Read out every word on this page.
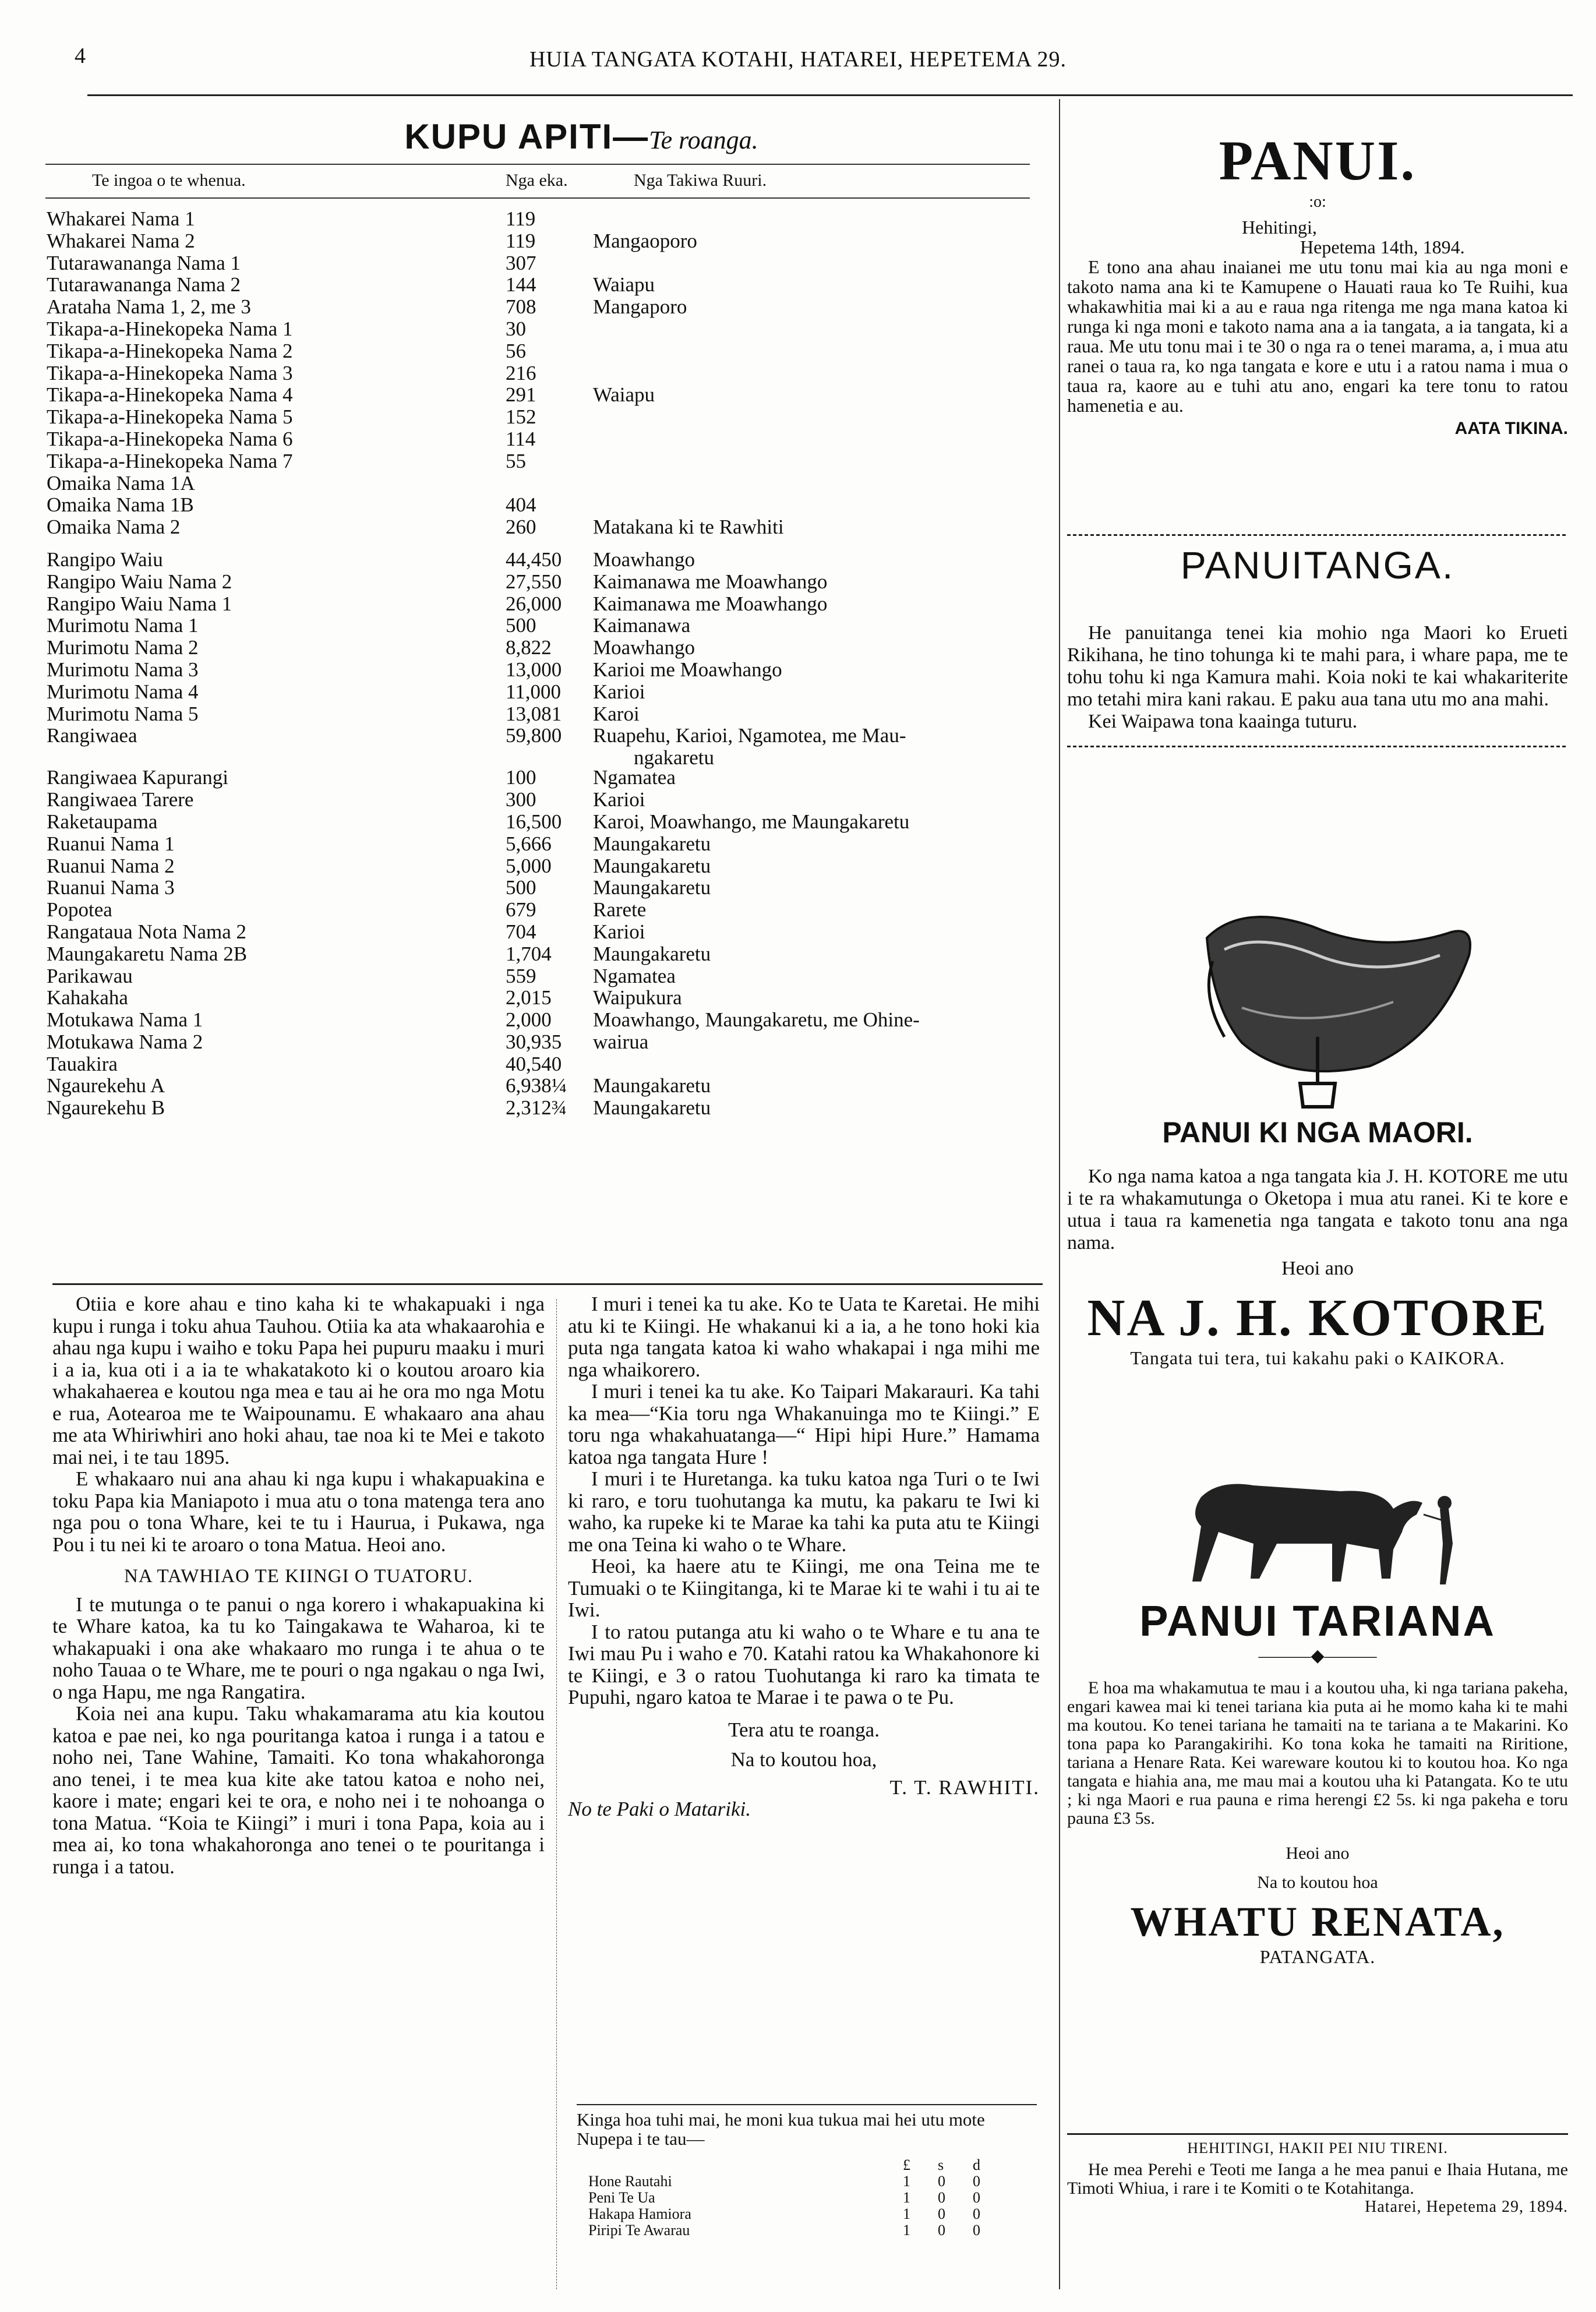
4	HUIA TANGATA KOTAHI, HATAREI, HEPETEMA 29.
KUPU APITI—Te roanga.
Te ingoa o te whenua.	Nga eka.	Nga Takiwa Ruuri.
Whakarei Nama 1	119
Whakarei Nama 2	119	Mangaoporo
Tutarawananga Nama 1	307
Tutarawananga Nama 2	144	Waiapu
Arataha Nama 1, 2, me 3	708	Mangaporo
Tikapa-a-Hinekopeka Nama 1	30
Tikapa-a-Hinekopeka Nama 2	56
Tikapa-a-Hinekopeka Nama 3	216
Tikapa-a-Hinekopeka Nama 4	291	Waiapu
Tikapa-a-Hinekopeka Nama 5	152
Tikapa-a-Hinekopeka Nama 6	114
Tikapa-a-Hinekopeka Nama 7	55
Omaika Nama 1A
Omaika Nama 1B	404
Omaika Nama 2	260	Matakana ki te Rawhiti
Rangipo Waiu	44,450 Moawhango
Rangipo Waiu Nama 2	27,550 Kaimanawa me Moawhango
Rangipo Waiu Nama 1	26,000 Kaimanawa me Moawhango
Murimotu Nama 1	500	Kaimanawa
Murimotu Nama 2	8,822 Moawhango
Murimotu Nama 3	13,000 Karioi me Moawhango
Murimotu Nama 4	11,000 Karioi
Murimotu Nama 5	13,081 Karoi
Rangiwaea	59,800 Ruapehu, Karioi, Ngamotea, me Mau-
ngakaretu
Rangiwaea Kapurangi	100	Ngamatea
Rangiwaea Tarere	300	Karioi
Raketaupama	16,500 Karoi, Moawhango, me Maungakaretu
Ruanui Nama 1	5,666 Maungakaretu
Ruanui Nama 2	5,000 Maungakaretu
Ruanui Nama 3	500	Maungakaretu
Popotea	679	Rarete
Rangataua Nota Nama 2	704	Karioi
Maungakaretu Nama 2B	1,704 Maungakaretu
Parikawau	559	Ngamatea
Kahakaha	2,015 Waipukura
Motukawa Nama 1	2,000 Moawhango, Maungakaretu, me Ohine-
Motukawa Nama 2	30,935 wairua
Tauakira	40,540
Ngaurekehu A	6,938¼ Maungakaretu
Ngaurekehu B	2,312¾ Maungakaretu

Otiia e kore ahau e tino kaha ki te whakapuaki i nga kupu i runga i toku ahua Tauhou. Otiia ka ata whakaarohia e ahau nga kupu i waiho e toku Papa hei pupuru maaku i muri i a ia, kua oti i a ia te whakatakoto ki o koutou aroaro kia whakahaerea e koutou nga mea e tau ai he ora mo nga Motu e rua, Aotearoa me te Waipounamu. E whakaaro ana ahau me ata Whiriwhiri ano hoki ahau, tae noa ki te Mei e takoto mai nei, i te tau 1895.

E whakaaro nui ana ahau ki nga kupu i whakapuakina e toku Papa kia Maniapoto i mua atu o tona matenga tera ano nga pou o tona Whare, kei te tu i Haurua, i Pukawa, nga Pou i tu nei ki te aroaro o tona Matua. Heoi ano.

NA TAWHIAO TE KIINGI O TUATORU.

I te mutunga o te panui o nga korero i whakapuakina ki te Whare katoa, ka tu ko Taingakawa te Waharoa, ki te whakapuaki i ona ake whakaaro mo runga i te ahua o te noho Tauaa o te Whare, me te pouri o nga ngakau o nga Iwi, o nga Hapu, me nga Rangatira.

Koia nei ana kupu. Taku whakamarama atu kia koutou katoa e pae nei, ko nga pouritanga katoa i runga i a tatou e noho nei, Tane Wahine, Tamaiti. Ko tona whakahoronga ano tenei, i te mea kua kite ake tatou katoa e noho nei, kaore i mate; engari kei te ora, e noho nei i te nohoanga o tona Matua. “Koia te Kiingi” i muri i tona Papa, koia au i mea ai, ko tona whakahoronga ano tenei o te pouritanga i runga i a tatou.

I muri i tenei ka tu ake. Ko te Uata te Karetai. He mihi atu ki te Kiingi. He whakanui ki a ia, a he tono hoki kia puta nga tangata katoa ki waho whakapai i nga mihi me nga whaikorero.

I muri i tenei ka tu ake. Ko Taipari Makarauri. Ka tahi ka mea—“Kia toru nga Whakanuinga mo te Kiingi.” E toru nga whakahuatanga—“ Hipi hipi Hure.” Hamama katoa nga tangata Hure !

I muri i te Huretanga. ka tuku katoa nga Turi o te Iwi ki raro, e toru tuohutanga ka mutu, ka pakaru te Iwi ki waho, ka rupeke ki te Marae ka tahi ka puta atu te Kiingi me ona Teina ki waho o te Whare.

Heoi, ka haere atu te Kiingi, me ona Teina me te Tumuaki o te Kiingitanga, ki te Marae ki te wahi i tu ai te Iwi.

I to ratou putanga atu ki waho o te Whare e tu ana te Iwi mau Pu i waho e 70. Katahi ratou ka Whakahonore ki te Kiingi, e 3 o ratou Tuohutanga ki raro ka timata te Pupuhi, ngaro katoa te Marae i te pawa o te Pu.

Tera atu te roanga.

Na to koutou hoa,

T. T. RAWHITI.

No te Paki o Matariki.

Kinga hoa tuhi mai, he moni kua tukua mai hei utu mote Nupepa i te tau—
£ s d
Hone Rautahi	1 0 0
Peni Te Ua	1 0 0
Hakapa Hamiora	1 0 0
Piripi Te Awarau	1 0 0
PANUI.
:o:
Hehitingi,
Hepetema 14th, 1894.

E tono ana ahau inaianei me utu tonu mai kia au nga moni e takoto nama ana ki te Kamupene o Hauati raua ko Te Ruihi, kua whakawhitia mai ki a au e raua nga ritenga me nga mana katoa ki runga ki nga moni e takoto nama ana a ia tangata, a ia tangata, ki a raua. Me utu tonu mai i te 30 o nga ra o tenei marama, a, i mua atu ranei o taua ra, ko nga tangata e kore e utu i a ratou nama i mua o taua ra, kaore au e tuhi atu ano, engari ka tere tonu to ratou hamenetia e au.

AATA TIKINA.
PANUITANGA.

He panuitanga tenei kia mohio nga Maori ko Erueti Rikihana, he tino tohunga ki te mahi para, i whare papa, me te tohu tohu ki nga Kamura mahi. Koia noki te kai whakariterite mo tetahi mira kani rakau. E paku aua tana utu mo ana mahi.

Kei Waipawa tona kaainga tuturu.

PANUI KI NGA MAORI.

Ko nga nama katoa a nga tangata kia J. H. KOTORE me utu i te ra whakamutunga o Oketopa i mua atu ranei. Ki te kore e utua i taua ra kamenetia nga tangata e takoto tonu ana nga nama.

Heoi ano
NA J. H. KOTORE
Tangata tui tera, tui kakahu paki o KAIKORA.
PANUI TARIANA
―――◆―――

E hoa ma whakamutua te mau i a koutou uha, ki nga tariana pakeha, engari kawea mai ki tenei tariana kia puta ai he momo kaha ki te mahi ma koutou. Ko tenei tariana he tamaiti na te tariana a te Makarini. Ko tona papa ko Parangakirihi. Ko tona koka he tamaiti na Riritione, tariana a Henare Rata. Kei wareware koutou ki to koutou hoa. Ko nga tangata e hiahia ana, me mau mai a koutou uha ki Patangata. Ko te utu ; ki nga Maori e rua pauna e rima herengi £2 5s. ki nga pakeha e toru pauna £3 5s.

Heoi ano
Na to koutou hoa
WHATU RENATA,
PATANGATA.
HEHITINGI, HAKII PEI NIU TIRENI.

He mea Perehi e Teoti me Ianga a he mea panui e Ihaia Hutana, me Timoti Whiua, i rare i te Komiti o te Kotahitanga.

Hatarei, Hepetema 29, 1894.
